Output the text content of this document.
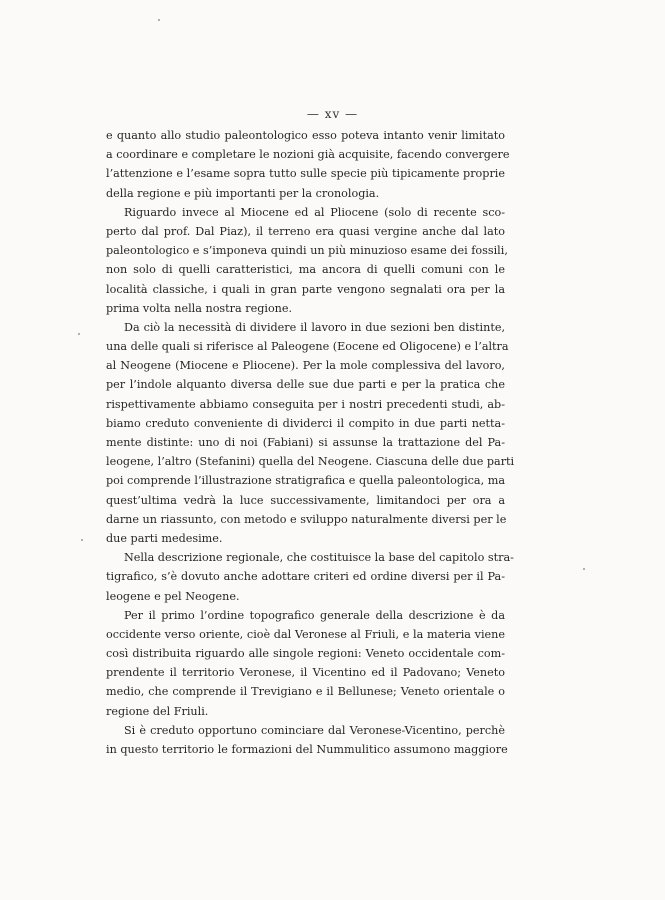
— xv —
e quanto allo studio paleontologico esso poteva intanto venir limitato
a coordinare e completare le nozioni già acquisite, facendo convergere
l’attenzione e l’esame sopra tutto sulle specie più tipicamente proprie
della regione e più importanti per la cronologia.
Riguardo invece al Miocene ed al Pliocene (solo di recente sco-
perto dal prof. Dal Piaz), il terreno era quasi vergine anche dal lato
paleontologico e s’imponeva quindi un più minuzioso esame dei fossili,
non solo di quelli caratteristici, ma ancora di quelli comuni con le
località classiche, i quali in gran parte vengono segnalati ora per la
prima volta nella nostra regione.
Da ciò la necessità di dividere il lavoro in due sezioni ben distinte,
una delle quali si riferisce al Paleogene (Eocene ed Oligocene) e l’altra
al Neogene (Miocene e Pliocene). Per la mole complessiva del lavoro,
per l’indole alquanto diversa delle sue due parti e per la pratica che
rispettivamente abbiamo conseguita per i nostri precedenti studi, ab-
biamo creduto conveniente di dividerci il compito in due parti netta-
mente distinte: uno di noi (Fabiani) si assunse la trattazione del Pa-
leogene, l’altro (Stefanini) quella del Neogene. Ciascuna delle due parti
poi comprende l’illustrazione stratigrafica e quella paleontologica, ma
quest’ultima vedrà la luce successivamente, limitandoci per ora a
darne un riassunto, con metodo e sviluppo naturalmente diversi per le
due parti medesime.
Nella descrizione regionale, che costituisce la base del capitolo stra-
tigrafico, s’è dovuto anche adottare criteri ed ordine diversi per il Pa-
leogene e pel Neogene.
Per il primo l’ordine topografico generale della descrizione è da
occidente verso oriente, cioè dal Veronese al Friuli, e la materia viene
così distribuita riguardo alle singole regioni: Veneto occidentale com-
prendente il territorio Veronese, il Vicentino ed il Padovano; Veneto
medio, che comprende il Trevigiano e il Bellunese; Veneto orientale o
regione del Friuli.
Si è creduto opportuno cominciare dal Veronese-Vicentino, perchè
in questo territorio le formazioni del Nummulitico assumono maggiore
